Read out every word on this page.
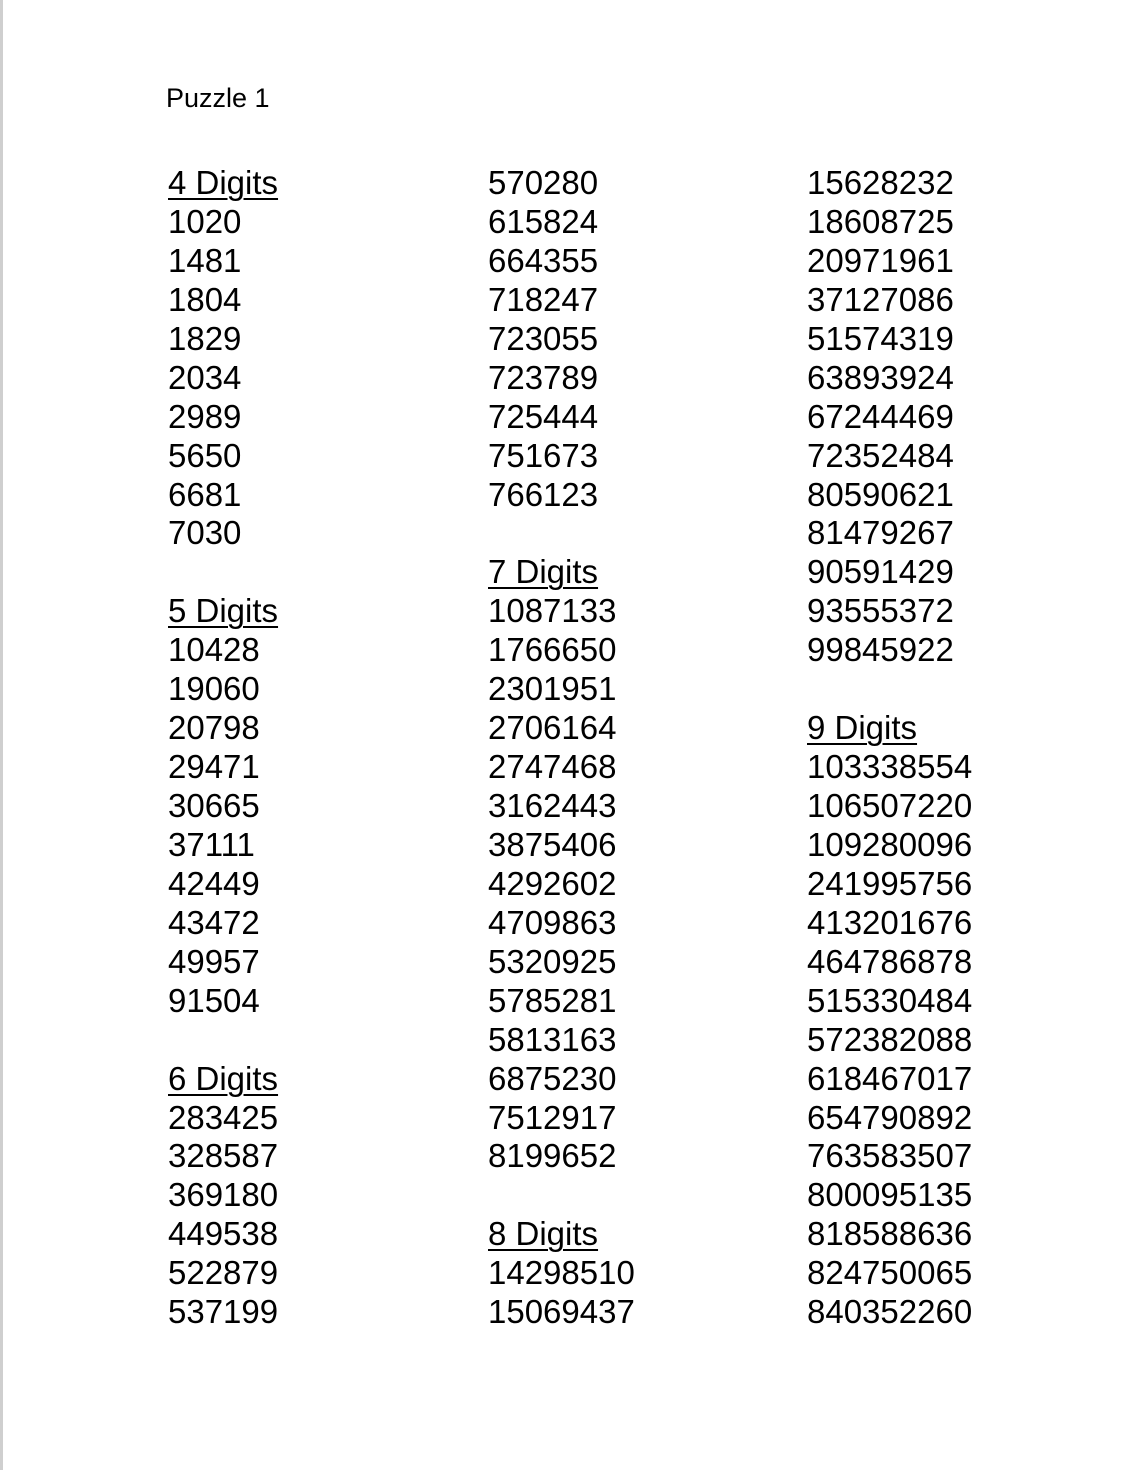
Puzzle 1
4 Digits
1020
1481
1804
1829
2034
2989
5650
6681
7030
5 Digits
10428
19060
20798
29471
30665
37111
42449
43472
49957
91504
6 Digits
283425
328587
369180
449538
522879
537199
570280
615824
664355
718247
723055
723789
725444
751673
766123
7 Digits
1087133
1766650
2301951
2706164
2747468
3162443
3875406
4292602
4709863
5320925
5785281
5813163
6875230
7512917
8199652
8 Digits
14298510
15069437
15628232
18608725
20971961
37127086
51574319
63893924
67244469
72352484
80590621
81479267
90591429
93555372
99845922
9 Digits
103338554
106507220
109280096
241995756
413201676
464786878
515330484
572382088
618467017
654790892
763583507
800095135
818588636
824750065
840352260
